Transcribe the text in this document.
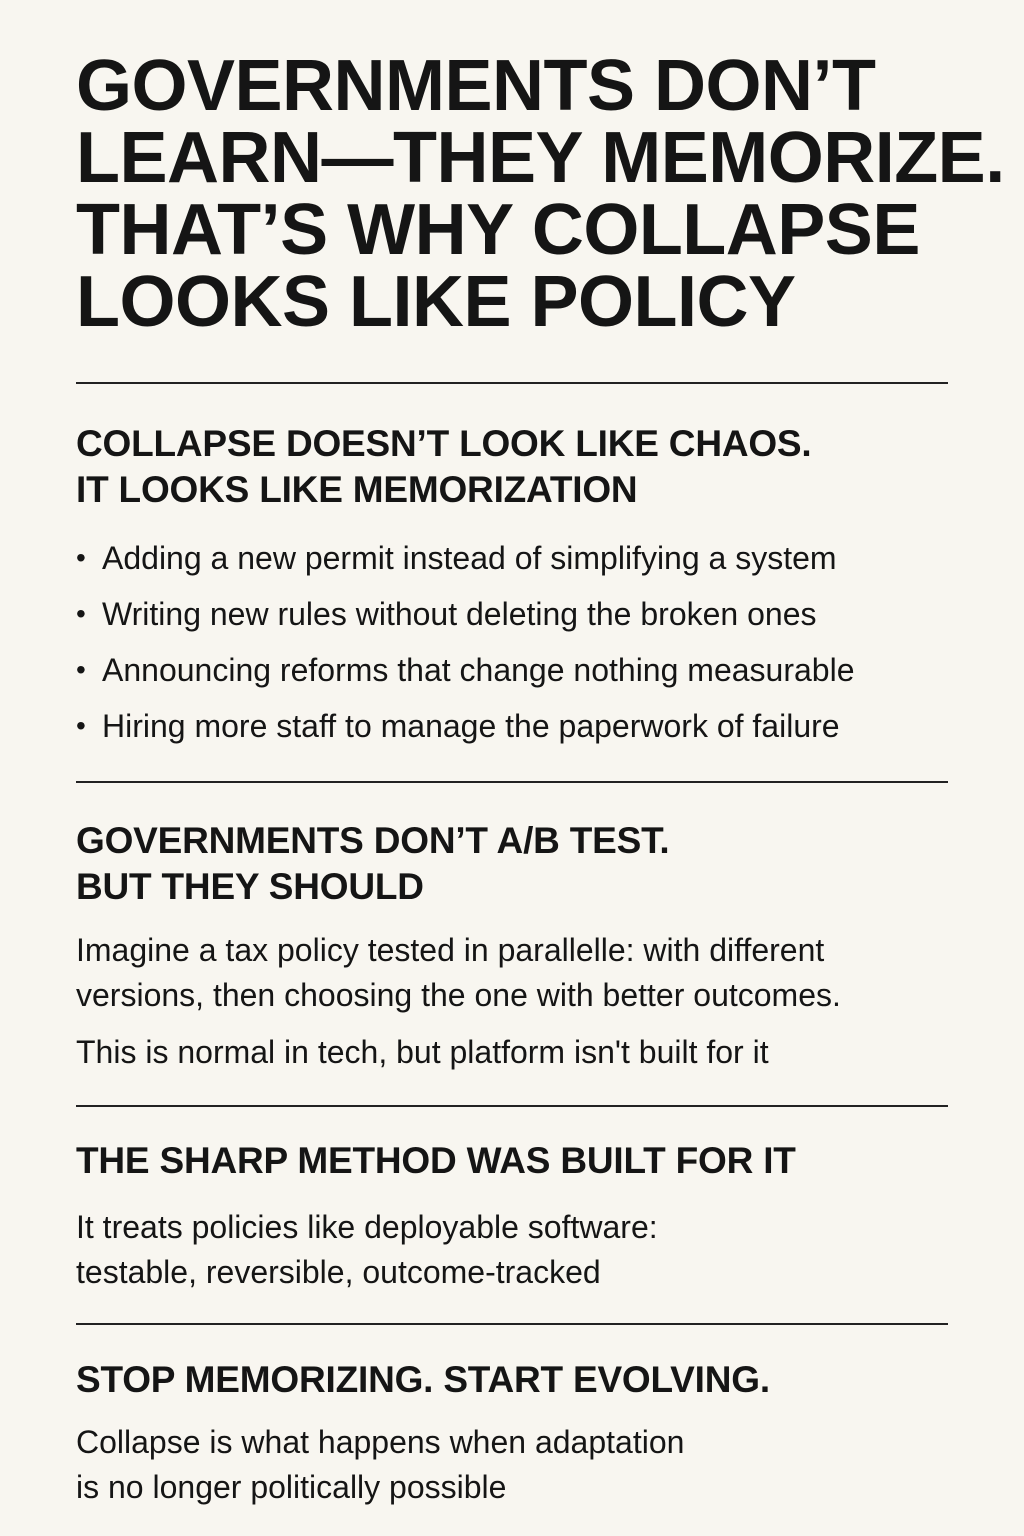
GOVERNMENTS DON’T
LEARN—THEY MEMORIZE.
THAT’S WHY COLLAPSE
LOOKS LIKE POLICY
COLLAPSE DOESN’T LOOK LIKE CHAOS.
IT LOOKS LIKE MEMORIZATION
• Adding a new permit instead of simplifying a system
• Writing new rules without deleting the broken ones
• Announcing reforms that change nothing measurable
• Hiring more staff to manage the paperwork of failure
GOVERNMENTS DON’T A/B TEST.
BUT THEY SHOULD

Imagine a tax policy tested in parallelle: with different
versions, then choosing the one with better outcomes.

This is normal in tech, but platform isn't built for it

THE SHARP METHOD WAS BUILT FOR IT

It treats policies like deployable software:
testable, reversible, outcome-tracked

STOP MEMORIZING. START EVOLVING.

Collapse is what happens when adaptation
is no longer politically possible
